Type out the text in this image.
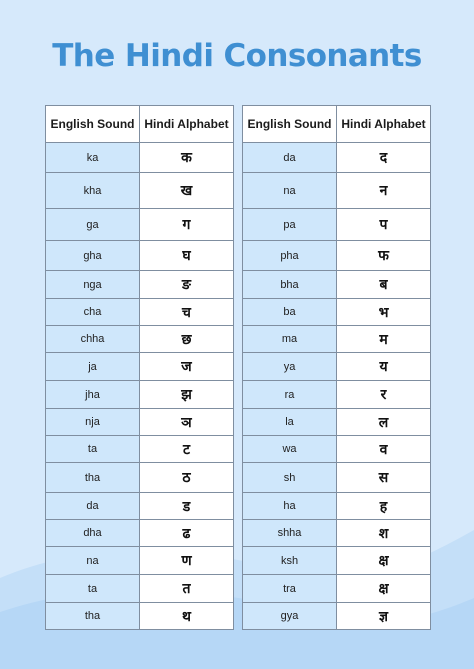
The Hindi Consonants
English Sound	Hindi Alphabet
ka	क
kha	ख
ga	ग
gha	घ
nga	ङ
cha	च
chha	छ
ja	ज
jha	झ
nja	ञ
ta	ट
tha	ठ
da	ड
dha	ढ
na	ण
ta	त
tha	थ
English Sound	Hindi Alphabet
da	द
na	न
pa	प
pha	फ
bha	ब
ba	भ
ma	म
ya	य
ra	र
la	ल
wa	व
sh	स
ha	ह
shha	श
ksh	क्ष
tra	क्ष
gya	ज्ञ
